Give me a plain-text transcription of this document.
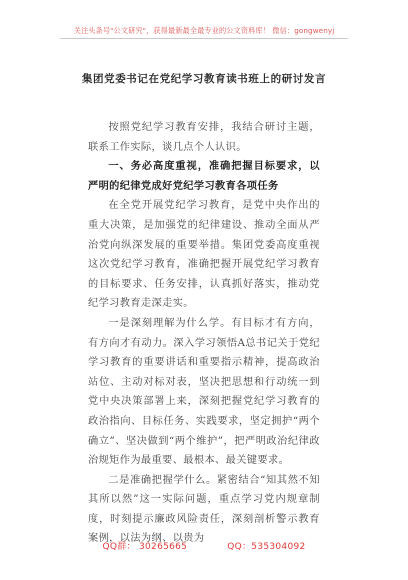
关注头条号"公文研究"，获得最新最全最专业的公文资料库！ 微信：gongwenyj
集团党委书记在党纪学习教育读书班上的研讨发言

按照党纪学习教育安排，我结合研讨主题，联系工作实际，谈几点个人认识。

一、务必高度重视，准确把握目标要求，以严明的纪律党成好党纪学习教育各项任务

在全党开展党纪学习教育，是党中央作出的重大决策，是加强党的纪律建设、推动全面从严治党向纵深发展的重要举措。集团党委高度重视这次党纪学习教育，准确把握开展党纪学习教育的目标要求、任务安排，认真抓好落实，推动党纪学习教育走深走实。

一是深刻理解为什么学。有目标才有方向，有方向才有动力。深入学习领悟A总书记关于党纪学习教育的重要讲话和重要指示精神，提高政治站位、主动对标对表，坚决把思想和行动统一到党中央决策部署上来，深刻把握党纪学习教育的政治指向、目标任务、实践要求，坚定拥护“两个确立”、坚决做到“两个维护”，把严明政治纪律政治规矩作为最重要、最根本、最关键要求。

二是准确把握学什么。紧密结合“知其然不知其所以然”这一实际问题，重点学习党内规章制度，时刻提示廉政风险责任，深刻剖析警示教育案例，以法为纲、以贵为

QQ群： 30265665	QQ：535304092
